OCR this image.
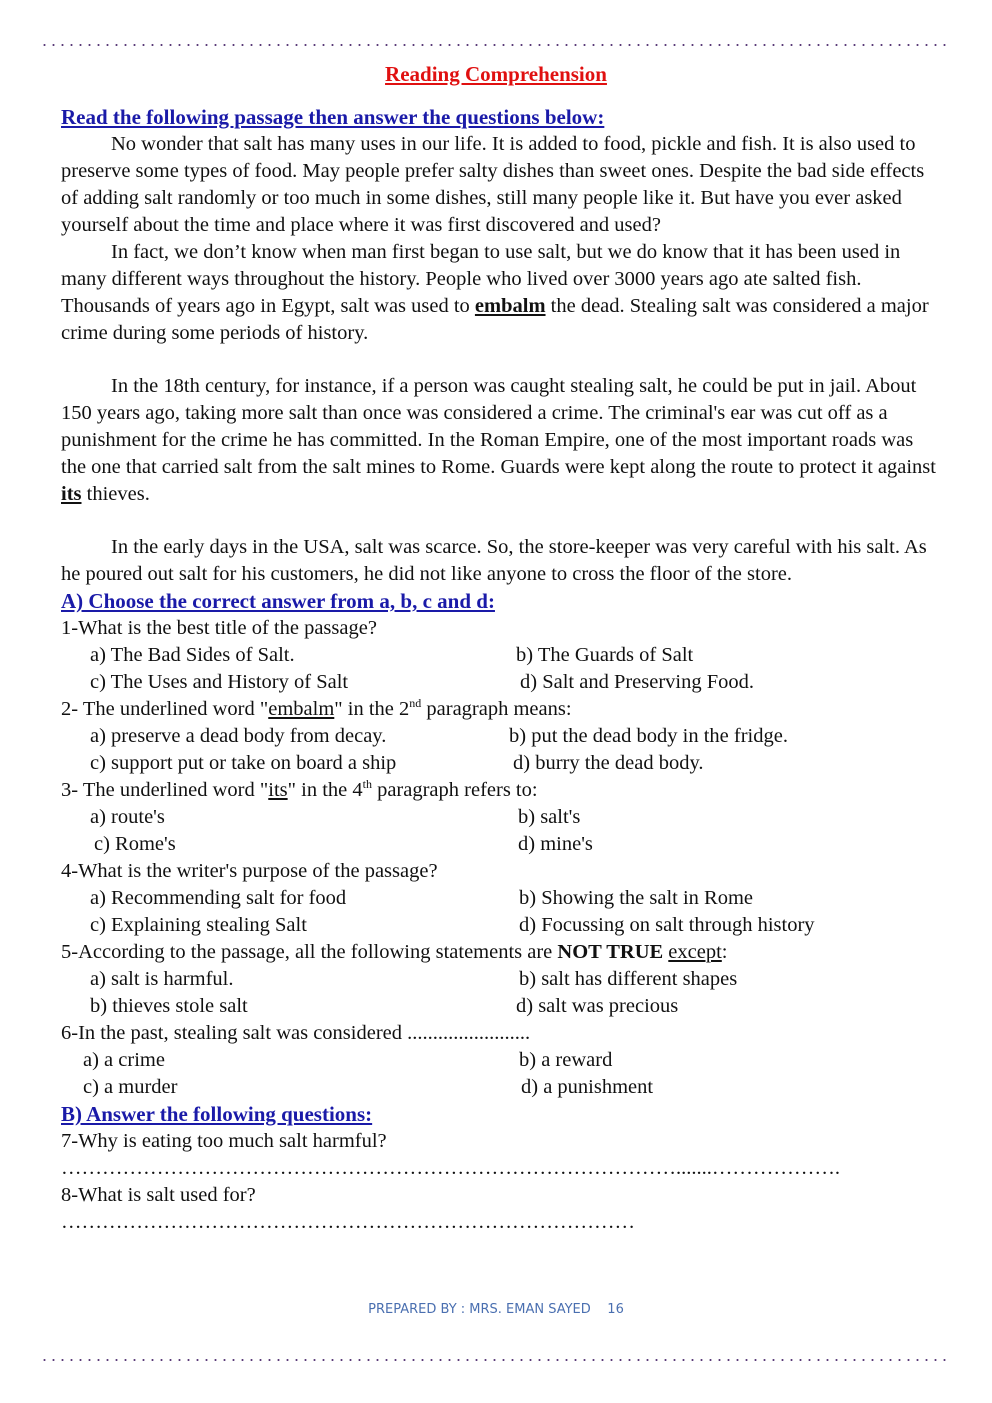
Reading Comprehension

Read the following passage then answer the questions below:

No wonder that salt has many uses in our life. It is added to food, pickle and fish. It is also used to preserve some types of food. May people prefer salty dishes than sweet ones. Despite the bad side effects of adding salt randomly or too much in some dishes, still many people like it. But have you ever asked yourself about the time and place where it was first discovered and used?

In fact, we don’t know when man first began to use salt, but we do know that it has been used in many different ways throughout the history. People who lived over 3000 years ago ate salted fish. Thousands of years ago in Egypt, salt was used to embalm the dead. Stealing salt was considered a major crime during some periods of history.

In the 18th century, for instance, if a person was caught stealing salt, he could be put in jail. About 150 years ago, taking more salt than once was considered a crime. The criminal's ear was cut off as a punishment for the crime he has committed. In the Roman Empire, one of the most important roads was the one that carried salt from the salt mines to Rome. Guards were kept along the route to protect it against its thieves.

In the early days in the USA, salt was scarce. So, the store-keeper was very careful with his salt. As he poured out salt for his customers, he did not like anyone to cross the floor of the store.

A) Choose the correct answer from a, b, c and d:

1-What is the best title of the passage?

a) The Bad Sides of Salt.	b) The Guards of Salt
c) The Uses and History of Salt	d) Salt and Preserving Food.

2- The underlined word "embalm" in the 2nd paragraph means:

a) preserve a dead body from decay.	b) put the dead body in the fridge.
c) support put or take on board a ship	d) burry the dead body.

3- The underlined word "its" in the 4th paragraph refers to:

a) route's	b) salt's
c) Rome's	d) mine's

4-What is the writer's purpose of the passage?

a) Recommending salt for food	b) Showing the salt in Rome
c) Explaining stealing Salt	d) Focussing on salt through history

5-According to the passage, all the following statements are NOT TRUE except:

a) salt is harmful.	b) salt has different shapes
b) thieves stole salt	d) salt was precious

6-In the past, stealing salt was considered ........................

a) a crime	b) a reward
c) a murder	d) a punishment

B) Answer the following questions:

7-Why is eating too much salt harmful?

……………………………………………………………………………….......……………….

8-What is salt used for?

…………………………………………………………………………

PREPARED BY : MRS. EMAN SAYED    16
